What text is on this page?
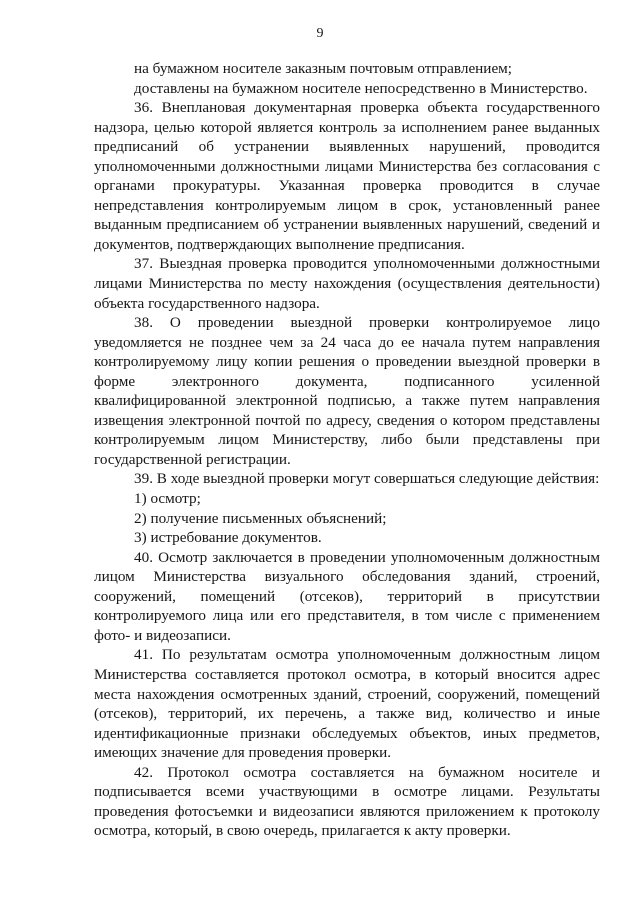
9

на бумажном носителе заказным почтовым отправлением;

доставлены на бумажном носителе непосредственно в Министерство.

36. Внеплановая документарная проверка объекта государственного надзора, целью которой является контроль за исполнением ранее выданных предписаний об устранении выявленных нарушений, проводится уполномоченными должностными лицами Министерства без согласования с органами прокуратуры. Указанная проверка проводится в случае непредставления контролируемым лицом в срок, установленный ранее выданным предписанием об устранении выявленных нарушений, сведений и документов, подтверждающих выполнение предписания.

37. Выездная проверка проводится уполномоченными должностными лицами Министерства по месту нахождения (осуществления деятельности) объекта государственного надзора.

38. О проведении выездной проверки контролируемое лицо уведомляется не позднее чем за 24 часа до ее начала путем направления контролируемому лицу копии решения о проведении выездной проверки в форме электронного документа, подписанного усиленной квалифицированной электронной подписью, а также путем направления извещения электронной почтой по адресу, сведения о котором представлены контролируемым лицом Министерству, либо были представлены при государственной регистрации.

39. В ходе выездной проверки могут совершаться следующие действия:

1) осмотр;

2) получение письменных объяснений;

3) истребование документов.

40. Осмотр заключается в проведении уполномоченным должностным лицом Министерства визуального обследования зданий, строений, сооружений, помещений (отсеков), территорий в присутствии контролируемого лица или его представителя, в том числе с применением фото- и видеозаписи.

41. По результатам осмотра уполномоченным должностным лицом Министерства составляется протокол осмотра, в который вносится адрес места нахождения осмотренных зданий, строений, сооружений, помещений (отсеков), территорий, их перечень, а также вид, количество и иные идентификационные признаки обследуемых объектов, иных предметов, имеющих значение для проведения проверки.

42. Протокол осмотра составляется на бумажном носителе и подписывается всеми участвующими в осмотре лицами. Результаты проведения фотосъемки и видеозаписи являются приложением к протоколу осмотра, который, в свою очередь, прилагается к акту проверки.
